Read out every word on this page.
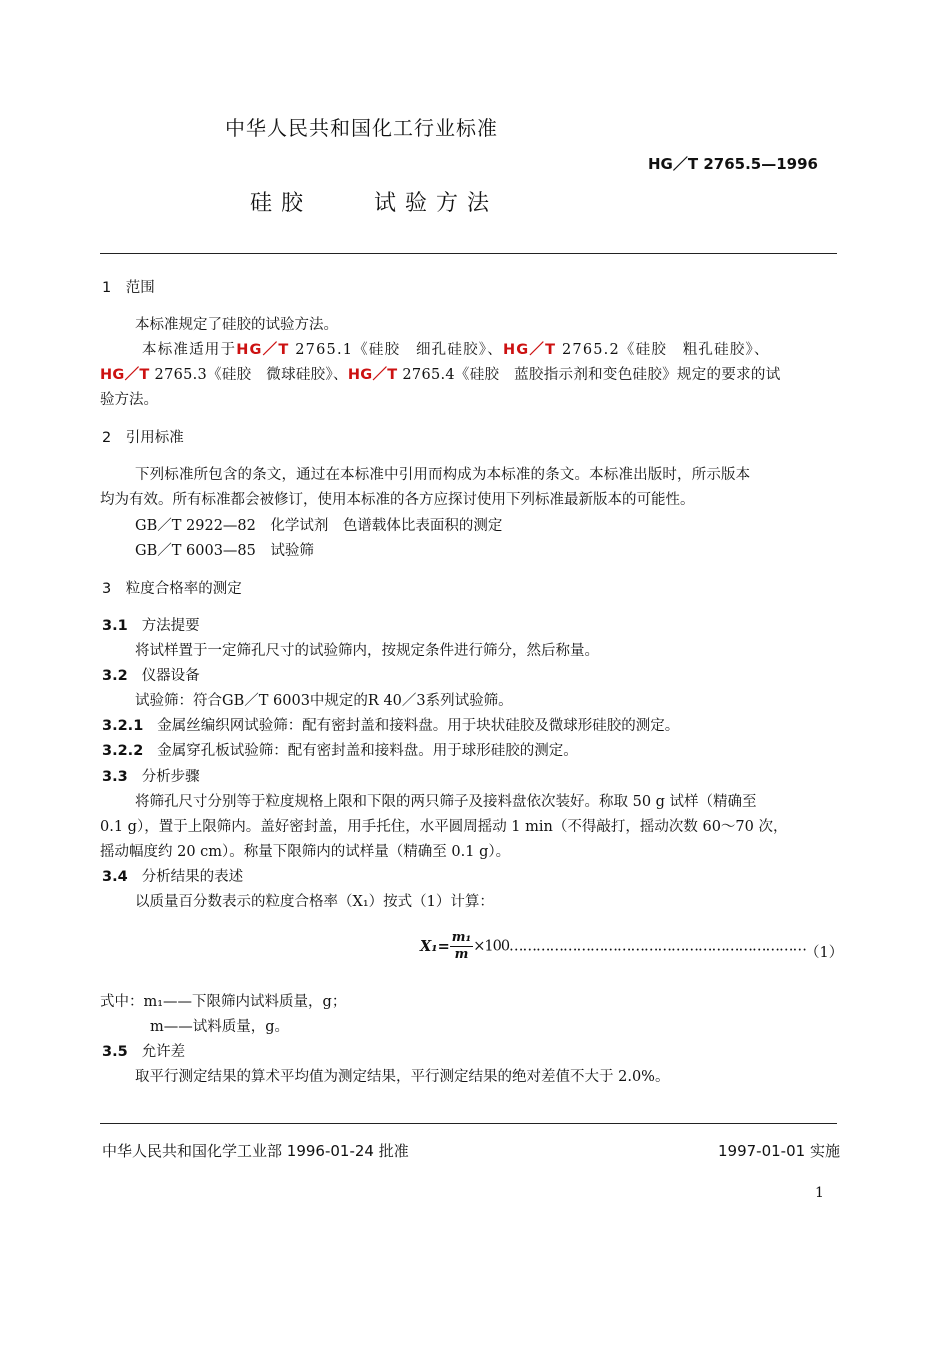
中华人民共和国化工行业标准
HG／T 2765.5—1996
硅胶　　试验方法
1　范围
本标准规定了硅胶的试验方法。
本标准适用于HG／T 2765.1《硅胶　细孔硅胶》、HG／T 2765.2《硅胶　粗孔硅胶》、
HG／T 2765.3《硅胶　微球硅胶》、HG／T 2765.4《硅胶　蓝胶指示剂和变色硅胶》规定的要求的试
验方法。
2　引用标准
下列标准所包含的条文，通过在本标准中引用而构成为本标准的条文。本标准出版时，所示版本
均为有效。所有标准都会被修订，使用本标准的各方应探讨使用下列标准最新版本的可能性。
GB／T 2922—82　化学试剂　色谱载体比表面积的测定
GB／T 6003—85　试验筛
3　粒度合格率的测定
3.1 方法提要
将试样置于一定筛孔尺寸的试验筛内，按规定条件进行筛分，然后称量。
3.2 仪器设备
试验筛：符合GB／T 6003中规定的R 40／3系列试验筛。
3.2.1 金属丝编织网试验筛：配有密封盖和接料盘。用于块状硅胶及微球形硅胶的测定。
3.2.2 金属穿孔板试验筛：配有密封盖和接料盘。用于球形硅胶的测定。
3.3 分析步骤
将筛孔尺寸分别等于粒度规格上限和下限的两只筛子及接料盘依次装好。称取 50 g 试样（精确至
0.1 g），置于上限筛内。盖好密封盖，用手托住，水平圆周摇动 1 min（不得敲打，摇动次数 60～70 次，
摇动幅度约 20 cm）。称量下限筛内的试样量（精确至 0.1 g）。
3.4 分析结果的表述
以质量百分数表示的粒度合格率（X₁）按式（1）计算：
$X_1= \frac{\text{m₁}}{m}$ ×100…………………………………………………………
（1）
式中：m₁——下限筛内试料质量，g；
m——试料质量，g。
3.5 允许差
取平行测定结果的算术平均值为测定结果，平行测定结果的绝对差值不大于 2.0%。
中华人民共和国化学工业部 1996-01-24 批准	1997-01-01 实施
1
